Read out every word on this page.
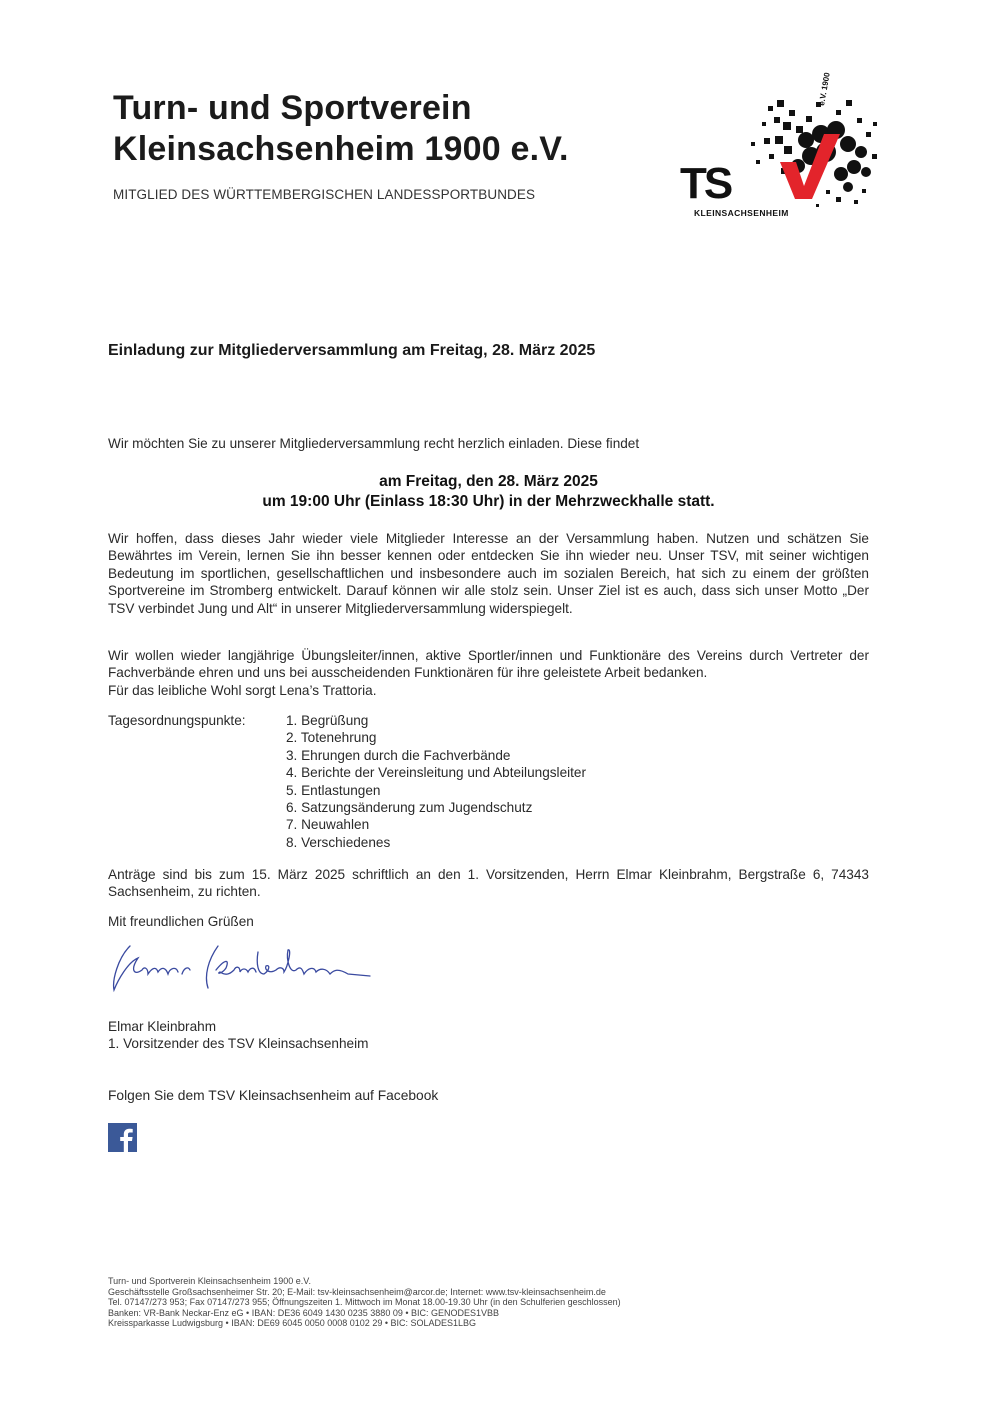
Turn- und Sportverein
Kleinsachsenheim 1900 e.V.
MITGLIED DES WÜRTTEMBERGISCHEN LANDESSPORTBUNDES
e.V. 1900
TS
KLEINSACHSENHEIM
Einladung zur Mitgliederversammlung am Freitag, 28. März 2025
Wir möchten Sie zu unserer Mitgliederversammlung recht herzlich einladen. Diese findet
am Freitag, den 28. März 2025
um 19:00 Uhr (Einlass 18:30 Uhr) in der Mehrzweckhalle statt.
Wir hoffen, dass dieses Jahr wieder viele Mitglieder Interesse an der Versammlung haben. Nutzen und schätzen Sie Bewährtes im Verein, lernen Sie ihn besser kennen oder entdecken Sie ihn wieder neu. Unser TSV, mit seiner wichtigen Bedeutung im sportlichen, gesellschaftlichen und insbesondere auch im sozialen Bereich, hat sich zu einem der größten Sportvereine im Stromberg entwickelt. Darauf können wir alle stolz sein. Unser Ziel ist es auch, dass sich unser Motto „Der TSV verbindet Jung und Alt“ in unserer Mitgliederversammlung widerspiegelt.
Wir wollen wieder langjährige Übungsleiter/innen, aktive Sportler/innen und Funktionäre des Vereins durch Vertreter der Fachverbände ehren und uns bei ausscheidenden Funktionären für ihre geleistete Arbeit bedanken.
Für das leibliche Wohl sorgt Lena’s Trattoria.
Tagesordnungspunkte:	1. Begrüßung
2. Totenehrung
3. Ehrungen durch die Fachverbände
4. Berichte der Vereinsleitung und Abteilungsleiter
5. Entlastungen
6. Satzungsänderung zum Jugendschutz
7. Neuwahlen
8. Verschiedenes
Anträge sind bis zum 15. März 2025 schriftlich an den 1. Vorsitzenden, Herrn Elmar Kleinbrahm, Bergstraße 6, 74343 Sachsenheim, zu richten.
Mit freundlichen Grüßen
Elmar Kleinbrahm
1. Vorsitzender des TSV Kleinsachsenheim
Folgen Sie dem TSV Kleinsachsenheim auf Facebook
Turn- und Sportverein Kleinsachsenheim 1900 e.V.
Geschäftsstelle Großsachsenheimer Str. 20; E-Mail: tsv-kleinsachsenheim@arcor.de; Internet: www.tsv-kleinsachsenheim.de
Tel. 07147/273 953; Fax 07147/273 955; Öffnungszeiten 1. Mittwoch im Monat 18.00-19.30 Uhr (in den Schulferien geschlossen)
Banken: VR-Bank Neckar-Enz eG • IBAN: DE36 6049 1430 0235 3880 09 • BIC: GENODES1VBB
Kreissparkasse Ludwigsburg • IBAN: DE69 6045 0050 0008 0102 29 • BIC: SOLADES1LBG
